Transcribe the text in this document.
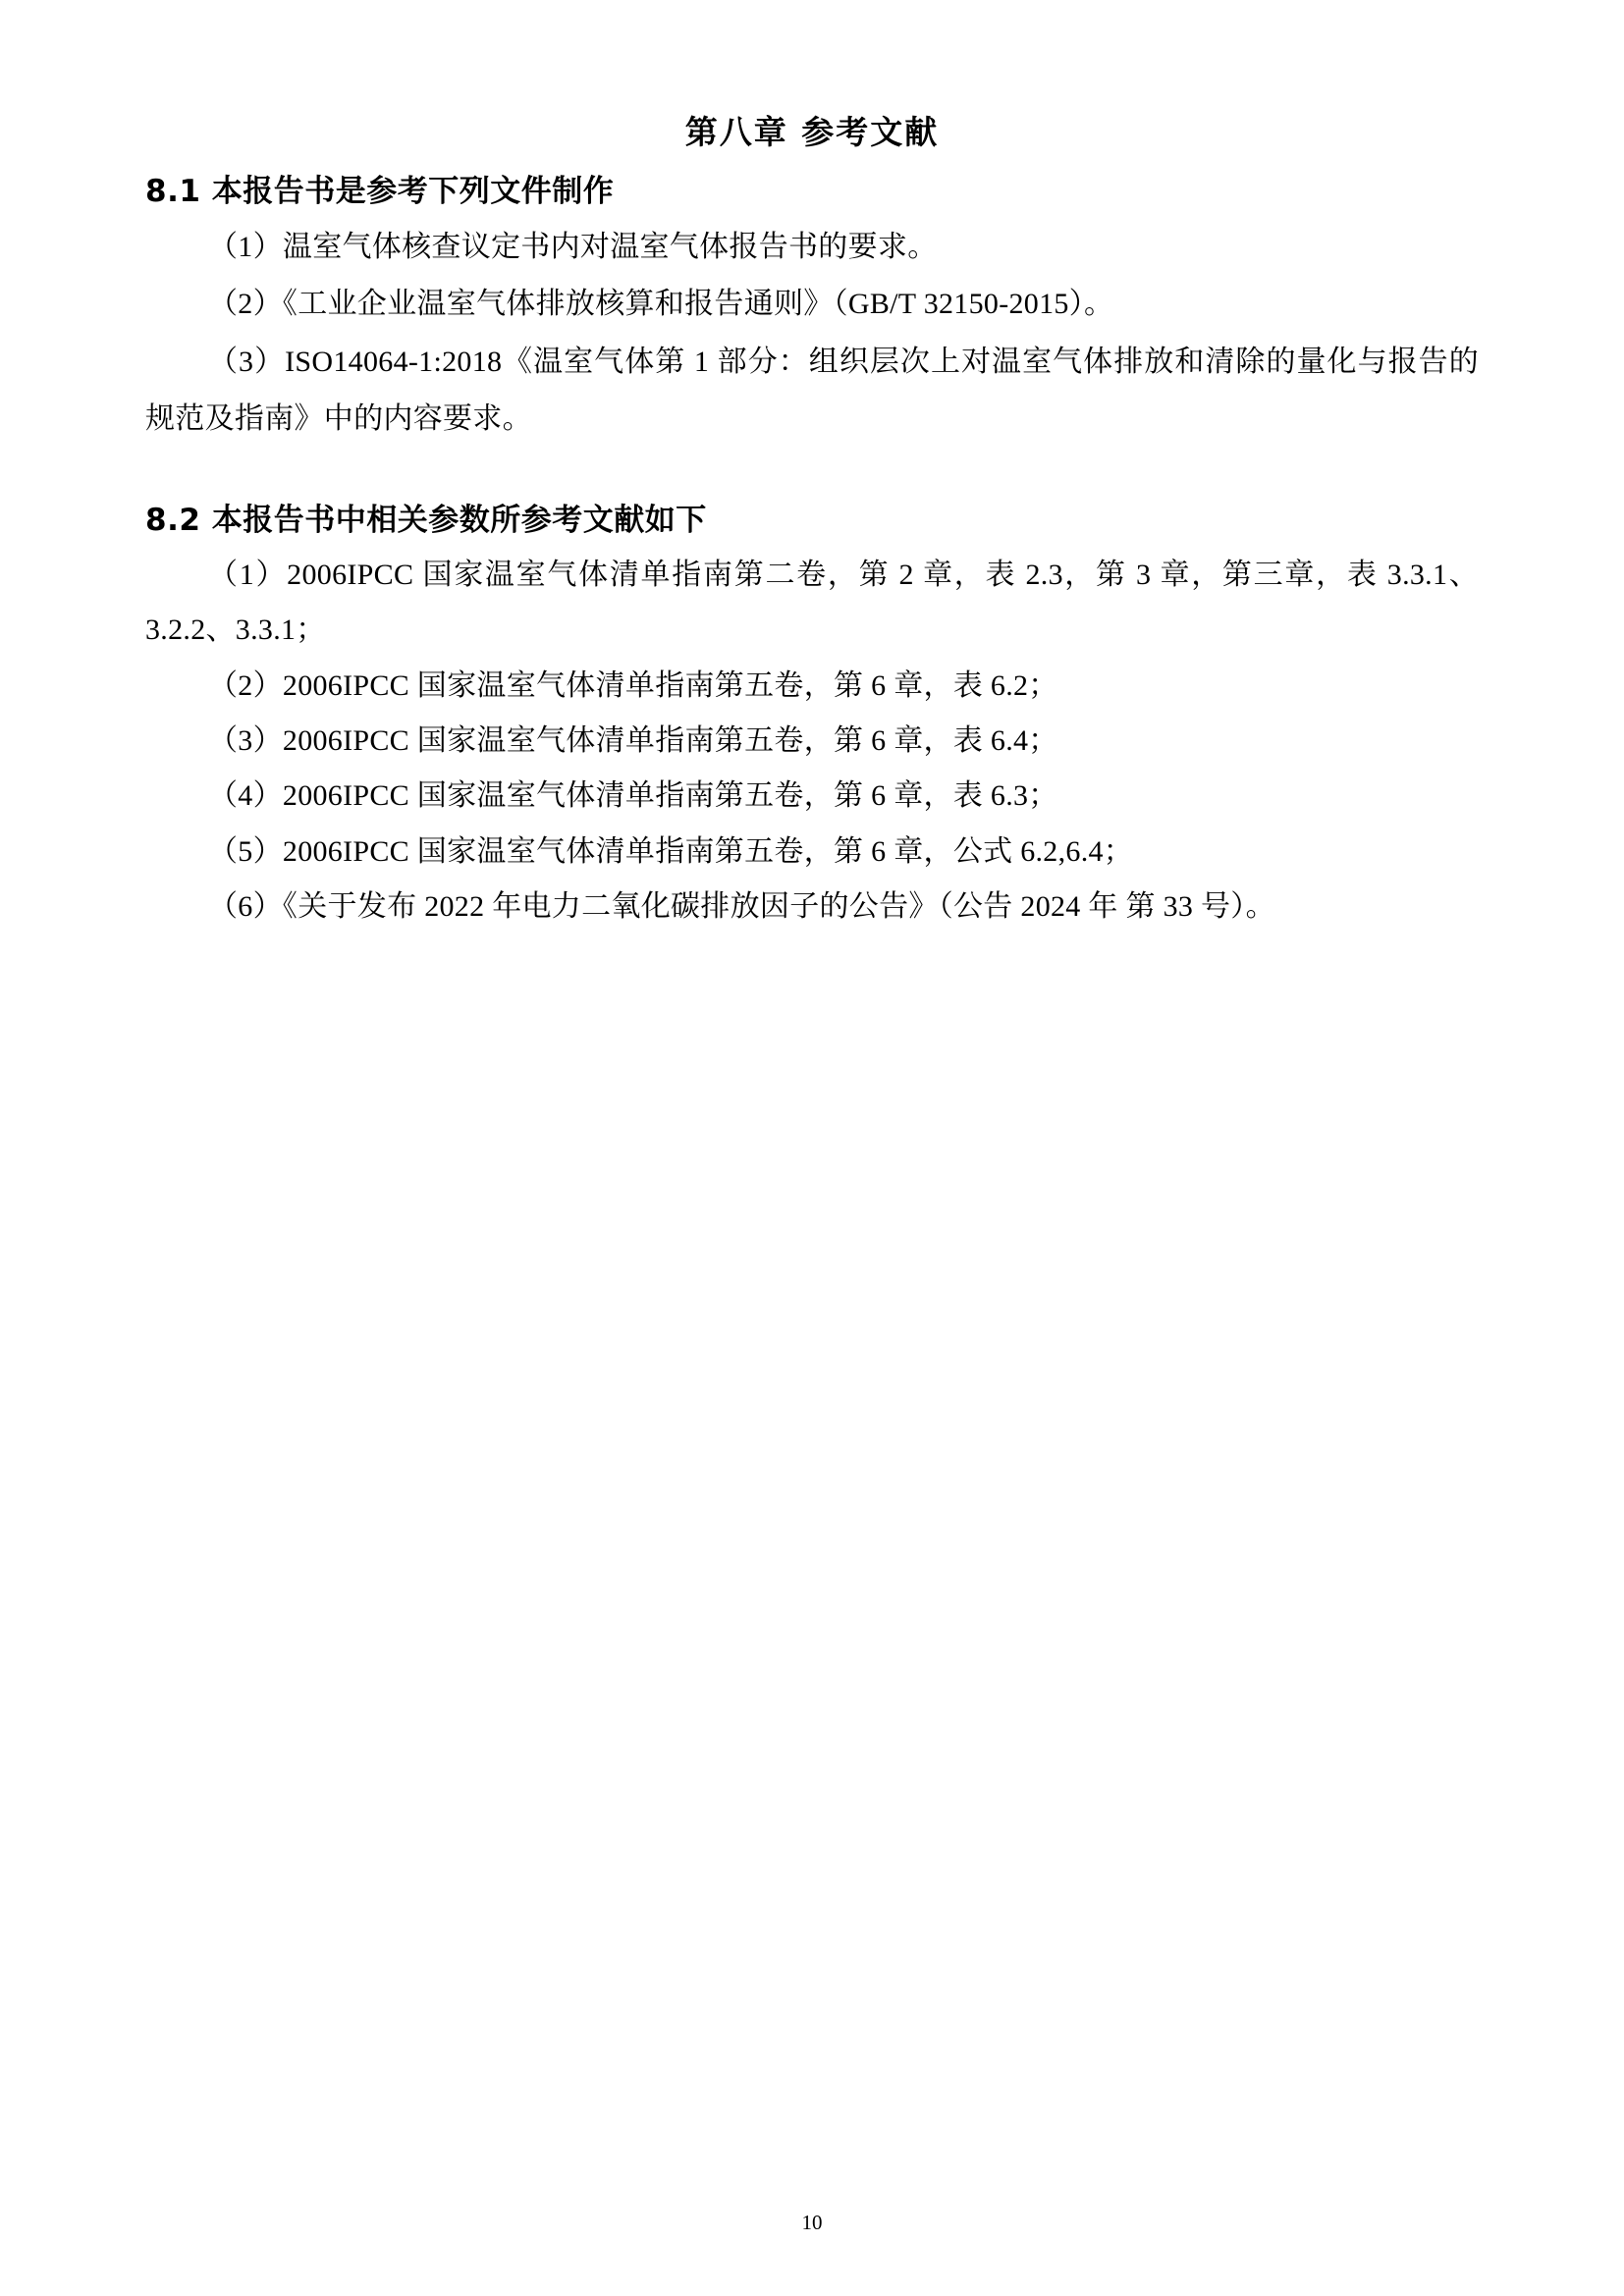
第八章 参考文献
8.1 本报告书是参考下列文件制作

（1）温室气体核查议定书内对温室气体报告书的要求。

（2）《工业企业温室气体排放核算和报告通则》（GB/T 32150-2015）。

（3）ISO14064-1:2018《温室气体第 1 部分：组织层次上对温室气体排放和清除的量化与报告的规范及指南》中的内容要求。

8.2 本报告书中相关参数所参考文献如下

（1）2006IPCC 国家温室气体清单指南第二卷，第 2 章，表 2.3，第 3 章，第三章，表 3.3.1、3.2.2、3.3.1；

（2）2006IPCC 国家温室气体清单指南第五卷，第 6 章，表 6.2；

（3）2006IPCC 国家温室气体清单指南第五卷，第 6 章，表 6.4；

（4）2006IPCC 国家温室气体清单指南第五卷，第 6 章，表 6.3；

（5）2006IPCC 国家温室气体清单指南第五卷，第 6 章，公式 6.2,6.4；

（6）《关于发布 2022 年电力二氧化碳排放因子的公告》（公告 2024 年 第 33 号）。

10
